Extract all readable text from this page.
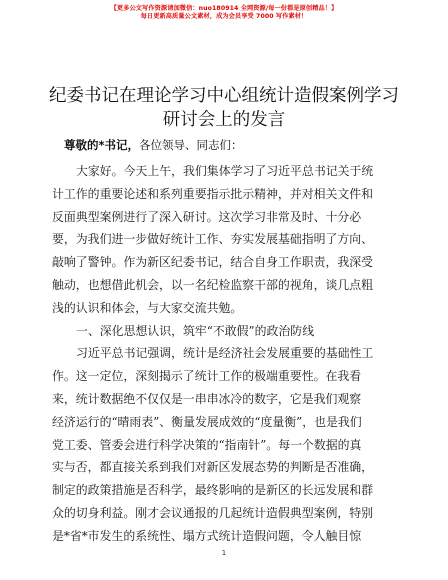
【更多公文写作资源请加微信：nuo180914 全网资源/每一份都是原创精品！】
每日更新高质量公文素材，成为会员享受 7000 写作素材！
纪委书记在理论学习中心组统计造假案例学习
研讨会上的发言
尊敬的*书记，各位领导、同志们：
大家好。今天上午，我们集体学习了习近平总书记关于统
计工作的重要论述和系列重要指示批示精神，并对相关文件和
反面典型案例进行了深入研讨。这次学习非常及时、十分必
要，为我们进一步做好统计工作、夯实发展基础指明了方向、
敲响了警钟。作为新区纪委书记，结合自身工作职责，我深受
触动，也想借此机会，以一名纪检监察干部的视角，谈几点粗
浅的认识和体会，与大家交流共勉。
一、深化思想认识，筑牢“不敢假”的政治防线
习近平总书记强调，统计是经济社会发展重要的基础性工
作。这一定位，深刻揭示了统计工作的极端重要性。在我看
来，统计数据绝不仅仅是一串串冰冷的数字，它是我们观察
经济运行的“晴雨表”、衡量发展成效的“度量衡”，也是我们
党工委、管委会进行科学决策的“指南针”。每一个数据的真
实与否，都直接关系到我们对新区发展态势的判断是否准确，
制定的政策措施是否科学，最终影响的是新区的长远发展和群
众的切身利益。刚才会议通报的几起统计造假典型案例，特别
是*省*市发生的系统性、塌方式统计造假问题，令人触目惊
1
